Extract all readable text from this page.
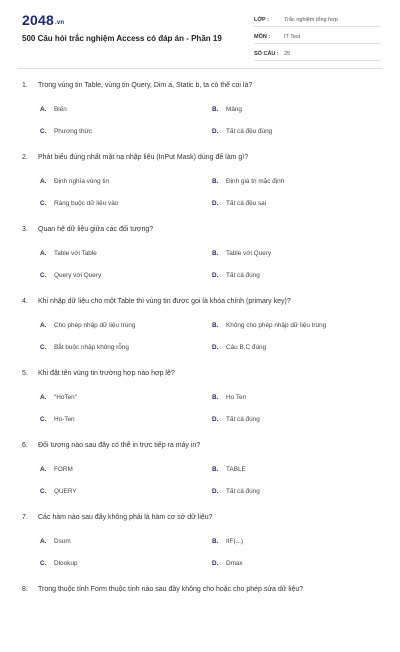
2048.vn
500 Câu hỏi trắc nghiệm Access có đáp án - Phần 19
LỚP :	Trắc nghiệm tổng hợp
MÔN :	IT Test
SỐ CÂU : 25
1.	Trong vùng tin Table, vùng tin Query, Dim a, Static b, ta có thể coi là?
A.	Biến	B.	Mảng
C.	Phương thức	D.	Tất cả đều đúng
2.	Phát biểu đúng nhất mặt nạ nhập liệu (InPut Mask) dùng để làm gì?
A.	Định nghĩa vùng tin	B.	Định giá trị mặc định
C.	Ràng buộc dữ liệu vào	D.	Tất cả đều sai
3.	Quan hệ dữ liệu giữa các đối tượng?
A.	Table với Table	B.	Table với Query
C.	Query với Query	D.	Tất cả đúng
4.	Khi nhập dữ liệu cho một Table thì vùng tin được gọi là khóa chính (primary key)?
A.	Cho phép nhập dữ liệu trùng	B.	Không cho phép nhập dữ liệu trùng
C.	Bắt buộc nhập không rỗng	D.	Câu B,C đúng
5.	Khi đặt tên vùng tin trường hợp nào hợp lệ?
A.	"HoTen"	B.	Ho Ten
C.	Ho-Ten	D.	Tất cả đúng
6.	Đối tượng nào sau đây có thể in trực tiếp ra máy in?
A.	FORM	B.	TABLE
C.	QUERY	D.	Tất cả đúng
7.	Các hàm nào sau đây không phải là hàm cơ sở dữ liệu?
A.	Dsum	B.	IIF(...)
C.	Dlookup	D.	Dmax
8.	Trong thuộc tính Form thuộc tính nào sau đây không cho hoặc cho phép sửa dữ liệu?
